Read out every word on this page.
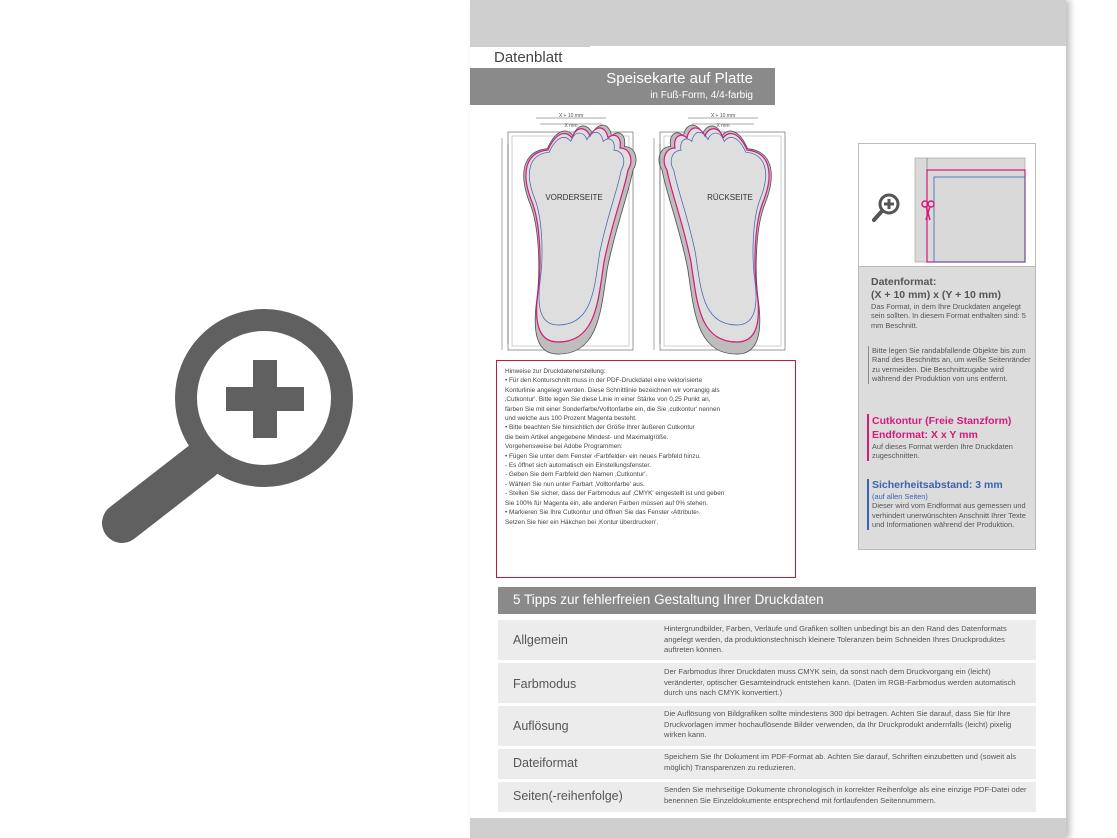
Datenblatt
Speisekarte auf Platte
in Fuß-Form, 4/4-farbig
X + 10 mm
X mm
VORDERSEITE
X + 10 mm
X mm
RÜCKSEITE
Hinweise zur Druckdatenerstellung:
• Für den Konturschnitt muss in der PDF-Druckdatei eine vektorisierte
Konturlinie angelegt werden. Diese Schnittlinie bezeichnen wir vorrangig als
‚Cutkontur'. Bitte legen Sie diese Linie in einer Stärke von 0,25 Punkt an,
färben Sie mit einer Sonderfarbe/Volltonfarbe ein, die Sie ‚cutkontur' nennen
und welche aus 100 Prozent Magenta besteht.
• Bitte beachten Sie hinsichtlich der Größe Ihrer äußeren Cutkontur
die beim Artikel angegebene Mindest- und Maximalgröße.
Vorgehensweise bei Adobe Programmen:
• Fügen Sie unter dem Fenster ‹Farbfelder› ein neues Farbfeld hinzu.
- Es öffnet sich automatisch ein Einstellungsfenster.
- Geben Sie dem Farbfeld den Namen ‚Cutkontur'.
- Wählen Sie nun unter Farbart ‚Volltonfarbe' aus.
- Stellen Sie sicher, dass der Farbmodus auf ‚CMYK' eingestellt ist und geben
Sie 100% für Magenta ein, alle anderen Farben müssen auf 0% stehen.
• Markieren Sie Ihre Cutkontur und öffnen Sie das Fenster ‹Attribute›.
Setzen Sie hier ein Häkchen bei ‚Kontur überdrucken'.
Datenformat:
(X + 10 mm) x (Y + 10 mm)
Das Format, in dem Ihre Druckdaten angelegt sein sollten. In diesem Format enthalten sind: 5 mm Beschnitt.
Bitte legen Sie randabfallende Objekte bis zum Rand des Beschnitts an, um weiße Seitenränder zu vermeiden. Die Beschnittzugabe wird während der Produktion von uns entfernt.
Cutkontur (Freie Stanzform)
Endformat: X x Y mm
Auf dieses Format werden Ihre Druckdaten zugeschnitten.
Sicherheitsabstand: 3 mm
(auf allen Seiten)
Dieser wird vom Endformat aus gemessen und verhindert unerwünschten Anschnitt Ihrer Texte und Informationen während der Produktion.
5 Tipps zur fehlerfreien Gestaltung Ihrer Druckdaten
Allgemein
Hintergrundbilder, Farben, Verläufe und Grafiken sollten unbedingt bis an den Rand des Datenformats angelegt werden, da produktionstechnisch kleinere Toleranzen beim Schneiden Ihres Druckproduktes auftreten können.
Farbmodus
Der Farbmodus Ihrer Druckdaten muss CMYK sein, da sonst nach dem Druckvorgang ein (leicht) veränderter, optischer Gesamteindruck entstehen kann. (Daten im RGB-Farbmodus werden automatisch durch uns nach CMYK konvertiert.)
Auflösung
Die Auflösung von Bildgrafiken sollte mindestens 300 dpi betragen. Achten Sie darauf, dass Sie für Ihre Druckvorlagen immer hochauflösende Bilder verwenden, da Ihr Druckprodukt andernfalls (leicht) pixelig wirken kann.
Dateiformat	Speichern Sie Ihr Dokument im PDF-Format ab. Achten Sie darauf, Schriften einzubetten und (soweit als möglich) Transparenzen zu reduzieren.
Seiten(-reihenfolge)	Senden Sie mehrseitige Dokumente chronologisch in korrekter Reihenfolge als eine einzige PDF-Datei oder benennen Sie Einzeldokumente entsprechend mit fortlaufenden Seitennummern.
